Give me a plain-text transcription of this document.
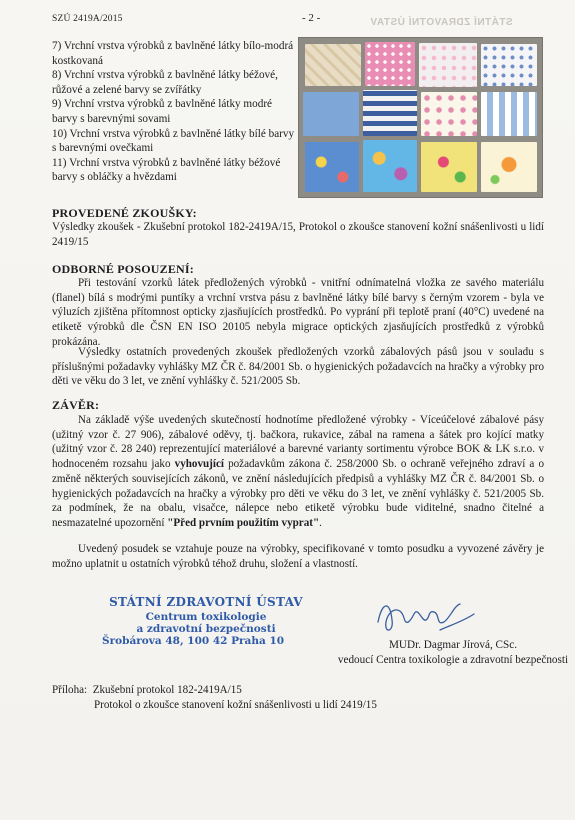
SZÚ 2419A/2015	- 2 -	STÁTNÍ ZDRAVOTNÍ ÚSTAV

7) Vrchní vrstva výrobků z bavlněné látky bílo-modrá kostkovaná

8) Vrchní vrstva výrobků z bavlněné látky béžové, růžové a zelené barvy se zvířátky

9) Vrchní vrstva výrobků z bavlněné látky modré barvy s barevnými sovami

10) Vrchní vrstva výrobků z bavlněné látky bílé barvy s barevnými ovečkami

11) Vrchní vrstva výrobků z bavlněné látky béžové barvy s obláčky a hvězdami

PROVEDENÉ ZKOUŠKY:

Výsledky zkoušek - Zkušební protokol 182-2419A/15, Protokol o zkoušce stanovení kožní snášenlivosti u lidí 2419/15

ODBORNÉ POSOUZENÍ:

Při testování vzorků látek předložených výrobků - vnitřní odnímatelná vložka ze savého materiálu (flanel) bílá s modrými puntíky a vrchní vrstva pásu z bavlněné látky bílé barvy s černým vzorem - byla ve výluzích zjištěna přítomnost opticky zjasňujících prostředků. Po vyprání při teplotě praní (40°C) uvedené na etiketě výrobků dle ČSN EN ISO 20105 nebyla migrace optických zjasňujících prostředků z výrobků prokázána.

Výsledky ostatních provedených zkoušek předložených vzorků zábalových pásů jsou v souladu s příslušnými požadavky vyhlášky MZ ČR č. 84/2001 Sb. o hygienických požadavcích na hračky a výrobky pro děti ve věku do 3 let, ve znění vyhlášky č. 521/2005 Sb.

ZÁVĚR:

Na základě výše uvedených skutečností hodnotíme předložené výrobky - Víceúčelové zábalové pásy (užitný vzor č. 27 906), zábalové oděvy, tj. bačkora, rukavice, zábal na ramena a šátek pro kojící matky (užitný vzor č. 28 240) reprezentující materiálové a barevné varianty sortimentu výrobce BOK & LK s.r.o. v hodnoceném rozsahu jako vyhovující požadavkům zákona č. 258/2000 Sb. o ochraně veřejného zdraví a o změně některých souvisejících zákonů, ve znění následujících předpisů a vyhlášky MZ ČR č. 84/2001 Sb. o hygienických požadavcích na hračky a výrobky pro děti ve věku do 3 let, ve znění vyhlášky č. 521/2005 Sb. za podmínek, že na obalu, visačce, nálepce nebo etiketě výrobku bude viditelné, snadno čitelné a nesmazatelné upozornění "Před prvním použitím vyprat".

Uvedený posudek se vztahuje pouze na výrobky, specifikované v tomto posudku a vyvozené závěry je možno uplatnit u ostatních výrobků téhož druhu, složení a vlastností.

STÁTNÍ ZDRAVOTNÍ ÚSTAV
Centrum toxikologie
a zdravotní bezpečnosti
Šrobárova 48, 100 42 Praha 10	MUDr. Dagmar Jírová, CSc.
vedoucí Centra toxikologie a zdravotní bezpečnosti
Příloha: Zkušební protokol 182-2419A/15
Protokol o zkoušce stanovení kožní snášenlivosti u lidí 2419/15
